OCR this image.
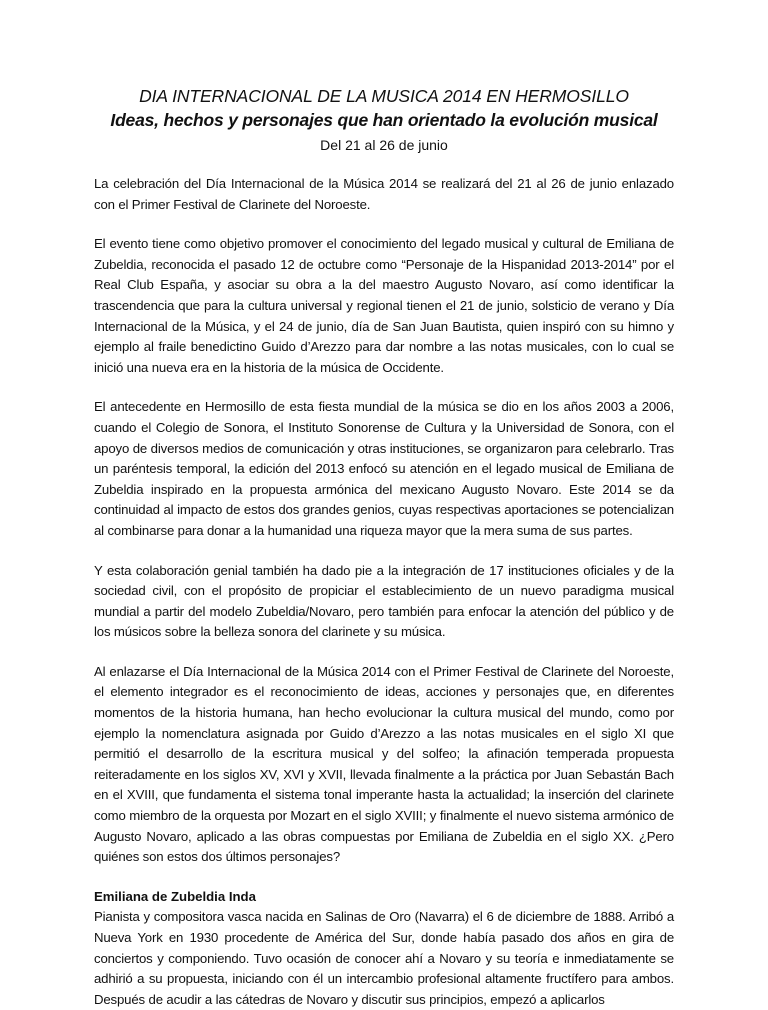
DIA INTERNACIONAL DE LA MUSICA 2014 EN HERMOSILLO
Ideas, hechos y personajes que han orientado la evolución musical
Del 21 al 26 de junio

La celebración del Día Internacional de la Música 2014 se realizará del 21 al 26 de junio enlazado con el Primer Festival de Clarinete del Noroeste.

El evento tiene como objetivo promover el conocimiento del legado musical y cultural de Emiliana de Zubeldia, reconocida el pasado 12 de octubre como “Personaje de la Hispanidad 2013-2014” por el Real Club España, y asociar su obra a la del maestro Augusto Novaro, así como identificar la trascendencia que para la cultura universal y regional tienen el 21 de junio, solsticio de verano y Día Internacional de la Música, y el 24 de junio, día de San Juan Bautista, quien inspiró con su himno y ejemplo al fraile benedictino Guido d’Arezzo para dar nombre a las notas musicales, con lo cual se inició una nueva era en la historia de la música de Occidente.

El antecedente en Hermosillo de esta fiesta mundial de la música se dio en los años 2003 a 2006, cuando el Colegio de Sonora, el Instituto Sonorense de Cultura y la Universidad de Sonora, con el apoyo de diversos medios de comunicación y otras instituciones, se organizaron para celebrarlo. Tras un paréntesis temporal, la edición del 2013 enfocó su atención en el legado musical de Emiliana de Zubeldia inspirado en la propuesta armónica del mexicano Augusto Novaro. Este 2014 se da continuidad al impacto de estos dos grandes genios, cuyas respectivas aportaciones se potencializan al combinarse para donar a la humanidad una riqueza mayor que la mera suma de sus partes.

Y esta colaboración genial también ha dado pie a la integración de 17 instituciones oficiales y de la sociedad civil, con el propósito de propiciar el establecimiento de un nuevo paradigma musical mundial a partir del modelo Zubeldia/Novaro, pero también para enfocar la atención del público y de los músicos sobre la belleza sonora del clarinete y su música.

Al enlazarse el Día Internacional de la Música 2014 con el Primer Festival de Clarinete del Noroeste, el elemento integrador es el reconocimiento de ideas, acciones y personajes que, en diferentes momentos de la historia humana, han hecho evolucionar la cultura musical del mundo, como por ejemplo la nomenclatura asignada por Guido d’Arezzo a las notas musicales en el siglo XI que permitió el desarrollo de la escritura musical y del solfeo; la afinación temperada propuesta reiteradamente en los siglos XV, XVI y XVII, llevada finalmente a la práctica por Juan Sebastán Bach en el XVIII, que fundamenta el sistema tonal imperante hasta la actualidad; la inserción del clarinete como miembro de la orquesta por Mozart en el siglo XVIII; y finalmente el nuevo sistema armónico de Augusto Novaro, aplicado a las obras compuestas por Emiliana de Zubeldia en el siglo XX. ¿Pero quiénes son estos dos últimos personajes?

Emiliana de Zubeldia Inda

Pianista y compositora vasca nacida en Salinas de Oro (Navarra) el 6 de diciembre de 1888. Arribó a Nueva York en 1930 procedente de América del Sur, donde había pasado dos años en gira de conciertos y componiendo. Tuvo ocasión de conocer ahí a Novaro y su teoría e inmediatamente se adhirió a su propuesta, iniciando con él un intercambio profesional altamente fructífero para ambos. Después de acudir a las cátedras de Novaro y discutir sus principios, empezó a aplicarlos
